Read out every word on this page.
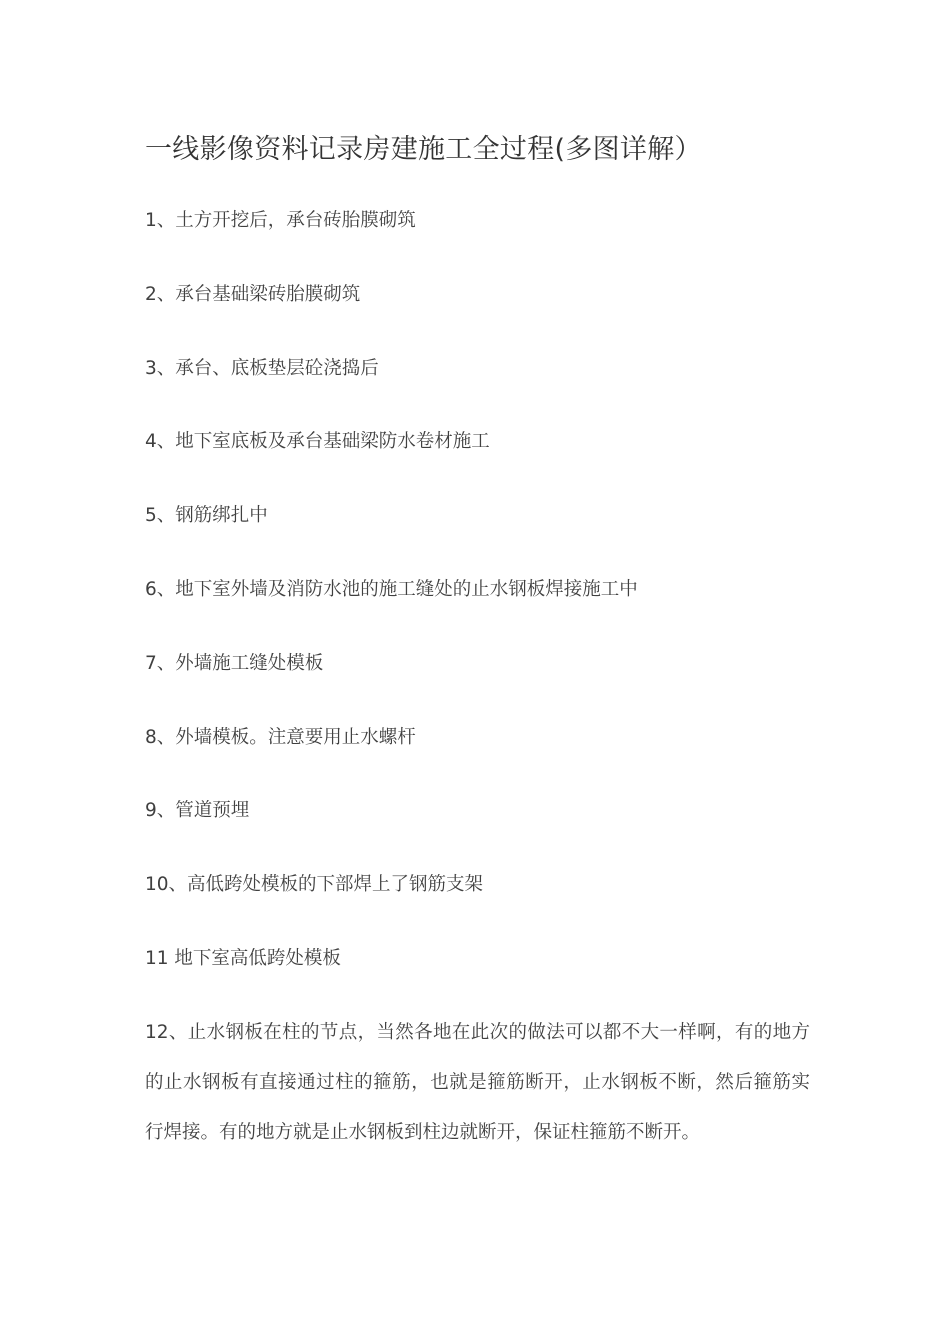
一线影像资料记录房建施工全过程(多图详解）
1、土方开挖后，承台砖胎膜砌筑
2、承台基础梁砖胎膜砌筑
3、承台、底板垫层砼浇捣后
4、地下室底板及承台基础梁防水卷材施工
5、钢筋绑扎中
6、地下室外墙及消防水池的施工缝处的止水钢板焊接施工中
7、外墙施工缝处模板
8、外墙模板。注意要用止水螺杆
9、管道预埋
10、高低跨处模板的下部焊上了钢筋支架
11 地下室高低跨处模板
12、止水钢板在柱的节点，当然各地在此次的做法可以都不大一样啊，有的地方的止水钢板有直接通过柱的箍筋，也就是箍筋断开，止水钢板不断，然后箍筋实行焊接。有的地方就是止水钢板到柱边就断开，保证柱箍筋不断开。
